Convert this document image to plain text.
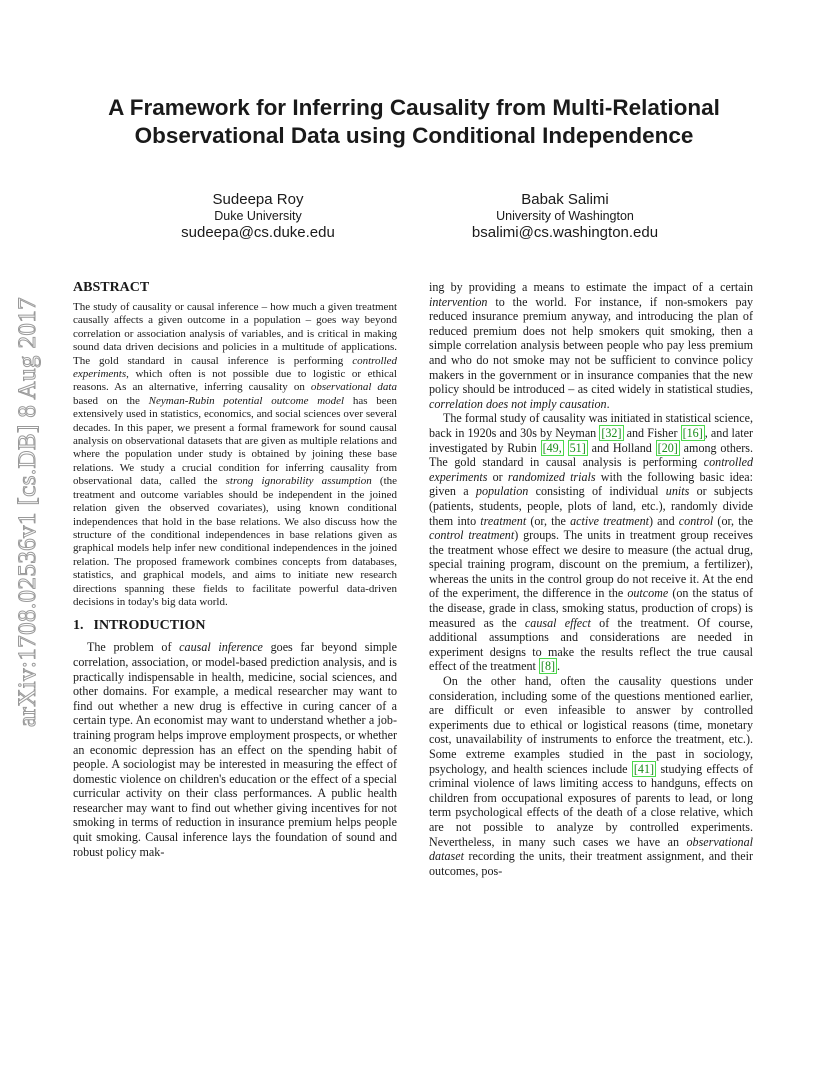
A Framework for Inferring Causality from Multi-Relational
Observational Data using Conditional Independence
Sudeepa Roy
Duke University
sudeepa@cs.duke.edu
Babak Salimi
University of Washington
bsalimi@cs.washington.edu
arXiv:1708.02536v1 [cs.DB] 8 Aug 2017
ABSTRACT

The study of causality or causal inference – how much a given treatment causally affects a given outcome in a population – goes way beyond correlation or association analysis of variables, and is critical in making sound data driven decisions and policies in a multitude of applications. The gold standard in causal inference is performing controlled experiments, which often is not possible due to logistic or ethical reasons. As an alternative, inferring causality on observational data based on the Neyman-Rubin potential outcome model has been extensively used in statistics, economics, and social sciences over several decades. In this paper, we present a formal framework for sound causal analysis on observational datasets that are given as multiple relations and where the population under study is obtained by joining these base relations. We study a crucial condition for inferring causality from observational data, called the strong ignorability assumption (the treatment and outcome variables should be independent in the joined relation given the observed covariates), using known conditional independences that hold in the base relations. We also discuss how the structure of the conditional independences in base relations given as graphical models help infer new conditional independences in the joined relation. The proposed framework combines concepts from databases, statistics, and graphical models, and aims to initiate new research directions spanning these fields to facilitate powerful data-driven decisions in today's big data world.

1. INTRODUCTION

The problem of causal inference goes far beyond simple correlation, association, or model-based prediction analysis, and is practically indispensable in health, medicine, social sciences, and other domains. For example, a medical researcher may want to find out whether a new drug is effective in curing cancer of a certain type. An economist may want to understand whether a job-training program helps improve employment prospects, or whether an economic depression has an effect on the spending habit of people. A sociologist may be interested in measuring the effect of domestic violence on children's education or the effect of a special curricular activity on their class performances. A public health researcher may want to find out whether giving incentives for not smoking in terms of reduction in insurance premium helps people quit smoking. Causal inference lays the foundation of sound and robust policy mak-

ing by providing a means to estimate the impact of a certain intervention to the world. For instance, if non-smokers pay reduced insurance premium anyway, and introducing the plan of reduced premium does not help smokers quit smoking, then a simple correlation analysis between people who pay less premium and who do not smoke may not be sufficient to convince policy makers in the government or in insurance companies that the new policy should be introduced – as cited widely in statistical studies, correlation does not imply causation.

The formal study of causality was initiated in statistical science, back in 1920s and 30s by Neyman [32] and Fisher [16] , and later investigated by Rubin [49, 51] and Holland [20] among others. The gold standard in causal analysis is performing controlled experiments or randomized trials with the following basic idea: given a population consisting of individual units or subjects (patients, students, people, plots of land, etc.), randomly divide them into treatment (or, the active treatment) and control (or, the control treatment) groups. The units in treatment group receives the treatment whose effect we desire to measure (the actual drug, special training program, discount on the premium, a fertilizer), whereas the units in the control group do not receive it. At the end of the experiment, the difference in the outcome (on the status of the disease, grade in class, smoking status, production of crops) is measured as the causal effect of the treatment. Of course, additional assumptions and considerations are needed in experiment designs to make the results reflect the true causal effect of the treatment [8] .

On the other hand, often the causality questions under consideration, including some of the questions mentioned earlier, are difficult or even infeasible to answer by controlled experiments due to ethical or logistical reasons (time, monetary cost, unavailability of instruments to enforce the treatment, etc.). Some extreme examples studied in the past in sociology, psychology, and health sciences include [41] studying effects of criminal violence of laws limiting access to handguns, effects on children from occupational exposures of parents to lead, or long term psychological effects of the death of a close relative, which are not possible to analyze by controlled experiments. Nevertheless, in many such cases we have an observational dataset recording the units, their treatment assignment, and their outcomes, pos-
